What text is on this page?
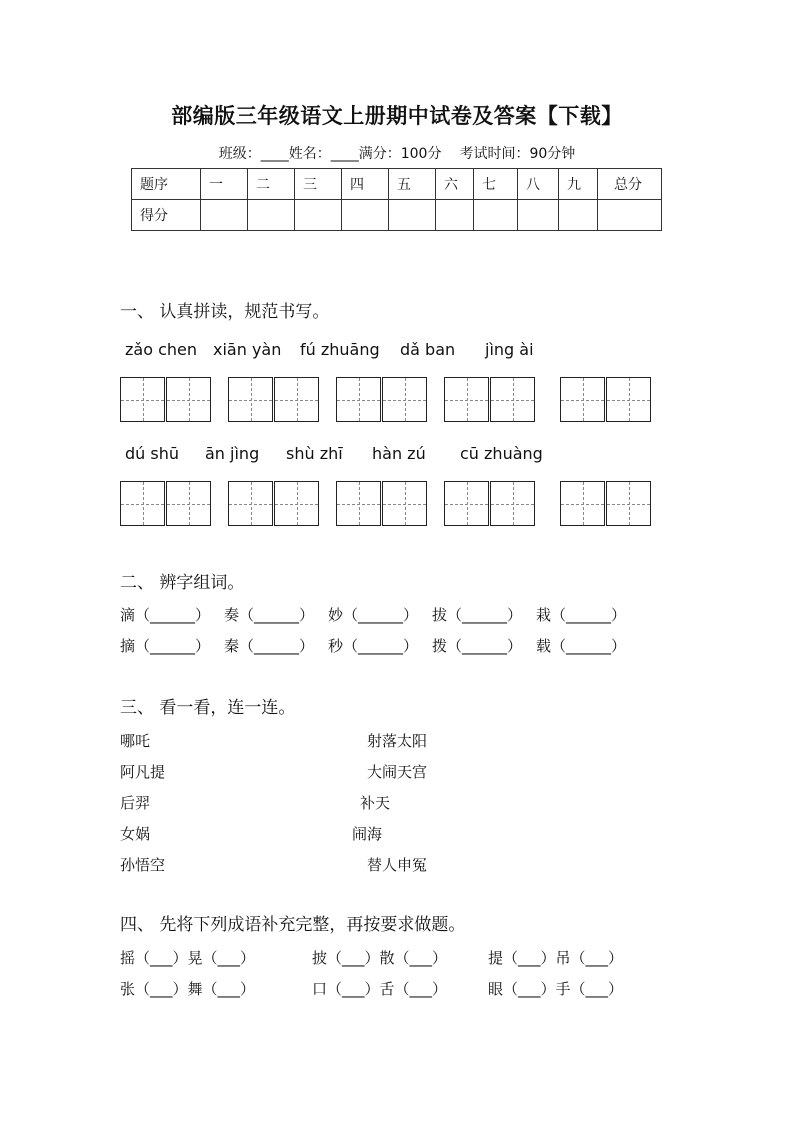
部编版三年级语文上册期中试卷及答案【下载】
班级：____姓名：____满分：100分 考试时间：90分钟
题序	一	二	三	四	五	六	七	八	九	总分
得分										
一、 认真拼读，规范书写。
zǎo chen xiān yàn fú zhuāng dǎ ban jìng ài
dú shū ān jìng shù zhī hàn zú cū zhuàng
二、 辨字组词。
滴（______） 奏（______） 妙（______） 拔（______） 栽（______）
摘（______） 秦（______） 秒（______） 拨（______） 载（______）
三、 看一看，连一连。
哪吒
阿凡提
后羿
女娲
孙悟空
射落太阳
大闹天宫
补天
闹海
替人申冤
四、 先将下列成语补充完整，再按要求做题。
摇（___）晃（___）	披（___）散（___）	提（___）吊（___）
张（___）舞（___）	口（___）舌（___）	眼（___）手（___）
